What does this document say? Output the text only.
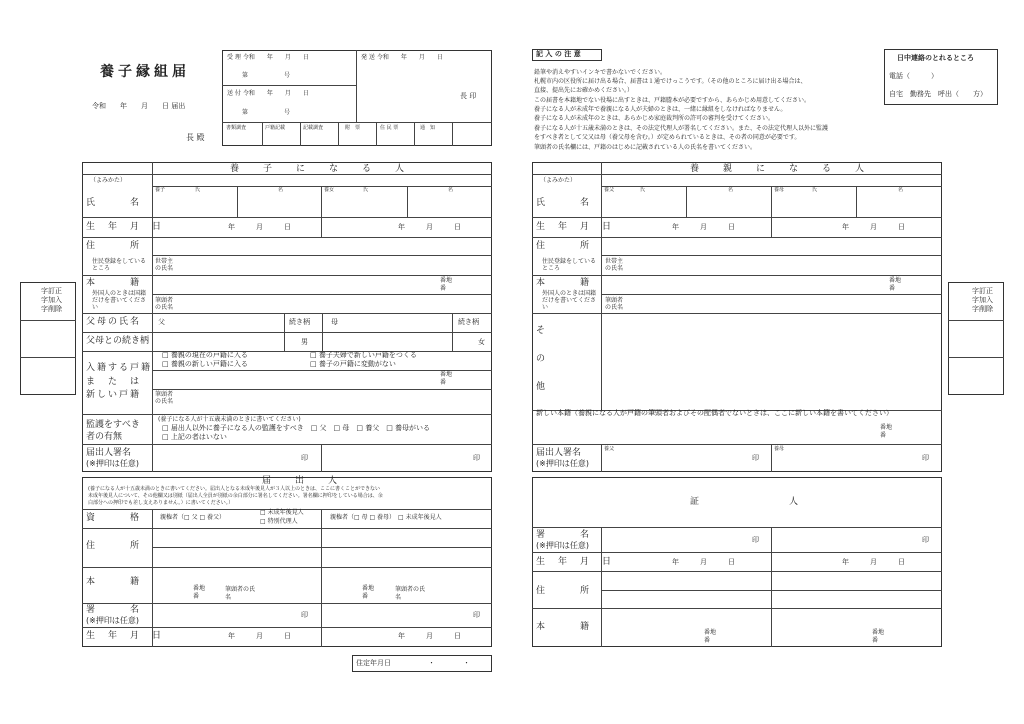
養子縁組届
令和　　年　　月　　日 届出
長 殿
受 理 令和　　年　　月　　日
第　　　　　　号
送 付 令和　　年　　月　　日
第　　　　　　号
発 送 令和　　年　　月　　日
長 印
書類調査	戸籍記載	記載調査	附　票	住 民 票	通　知
記 入 の 注 意
鉛筆や消えやすいインキで書かないでください。
札幌市内の区役所に届け出る場合、届書は１通でけっこうです。（その他のところに届け出る場合は、
直接、提出先にお確かめください。）
この届書を本籍地でない役場に出すときは、戸籍謄本が必要ですから、あらかじめ用意してください。
養子になる人が未成年で養親になる人が夫婦のときは、一緒に縁組をしなければなりません。
養子になる人が未成年のときは、あらかじめ家庭裁判所の許可の審判を受けてください。
養子になる人が十五歳未満のときは、その法定代理人が署名してください。また、その法定代理人以外に監護
をすべき者として父又は母（養父母を含む。）が定められているときは、その者の同意が必要です。
筆頭者の氏名欄には、戸籍のはじめに記載されている人の氏名を書いてください。
日中連絡のとれるところ
電話（　　　）
自宅　勤務先　呼出（　　方）
字訂正
字加入
字削除
字訂正
字加入
字削除
養　　子　　に　　な　　る　　人
（よみかた）
養子	氏	名	養女	氏	名
氏　　　名
生　年　月　日	年　　　月　　　日	年　　　月　　　日
住　　　所
住民登録をしているところ
世帯主の氏名
本　　　籍	番地
番
外国人のときは国籍だけを書いてください
筆頭者の氏名
父母の氏名 父	母
続き柄	続き柄
父母との続き柄	男	女
入籍する戸籍
ま　た　は
新しい戸籍
□ 養親の現在の戸籍に入る
□ 養親の新しい戸籍に入る
□ 養子夫婦で新しい戸籍をつくる
□ 養子の戸籍に変動がない
番地
番
筆頭者の氏名
監護をすべき者の有無
(養子になる人が十五歳未満のときに書いてください)
□ 届出人以外に養子になる人の監護をすべき　□ 父　□ 母　□ 養父　□ 養母がいる
□ 上記の者はいない
届出人署名
(※押印は任意)
印	印
届　　出　　人
(養子になる人が十五歳未満のときに書いてください。届出人となる未成年後見人が３人以上のときは、ここに書くことができない
未成年後見人について、その他欄又は別紙（届出人全員が別紙の余白部分に署名してください。署名欄に押印をしている場合は、余
白部分への押印でも差し支えありません。）に書いてください。）
資　　　格	親権者（□ 父 □ 養父）
□ 未成年後見人
□ 特別代理人
親権者（□ 母 □ 養母）　□ 未成年後見人
住　　　所
本　　　籍
番地
番
筆頭者の氏名
番地
番
筆頭者の氏名
署　　　名
(※押印は任意)
印	印
生　年　月　日	年　　　月　　　日	年　　　月　　　日
住定年月日	・　　　　・
養　　親　　に　　な　　る　　人
（よみかた）
養父	氏	名	養母	氏	名
氏　　　名
生　年　月　日	年　　　月　　　日	年　　　月　　　日
住　　　所
住民登録をしているところ
世帯主の氏名
本　　　籍	番地
番
外国人のときは国籍だけを書いてください
筆頭者の氏名
そ
の
他
新しい本籍（養親になる人が戸籍の筆頭者およびその配偶者でないときは、ここに新しい本籍を書いてください）
番地
番
届出人署名
(※押印は任意)
養父	養母
印	印
証　　　　　　　　人
署　　　名
(※押印は任意)
印	印
生　年　月　日	年　　　月　　　日	年　　　月　　　日
住　　　所
本　　　籍
番地
番
番地
番
